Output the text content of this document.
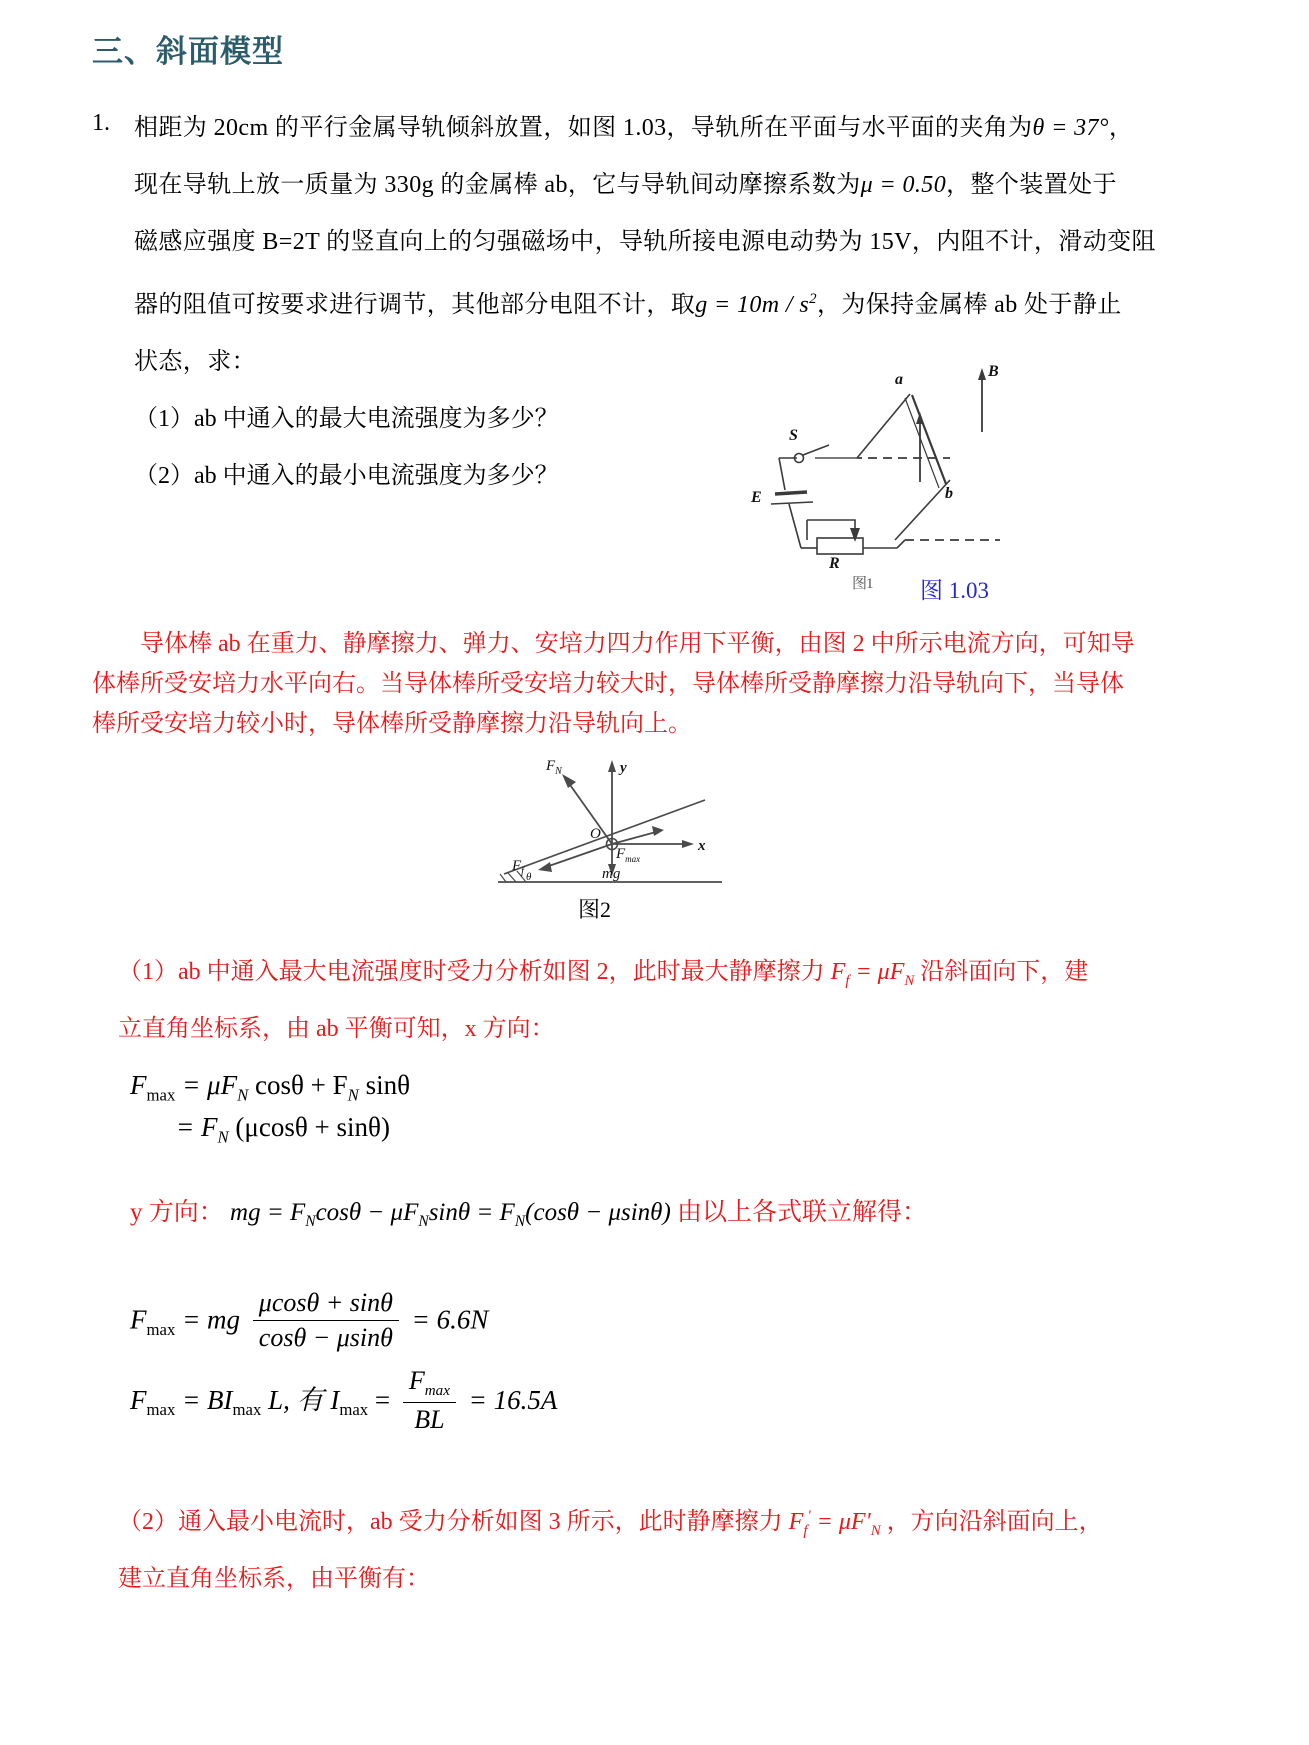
三、斜面模型
1. 相距为 20cm 的平行金属导轨倾斜放置，如图 1.03，导轨所在平面与水平面的夹角为θ = 37°，
现在导轨上放一质量为 330g 的金属棒 ab，它与导轨间动摩擦系数为μ = 0.50，整个装置处于
磁感应强度 B=2T 的竖直向上的匀强磁场中，导轨所接电源电动势为 15V，内阻不计，滑动变阻
器的阻值可按要求进行调节，其他部分电阻不计，取$g = 10m / s^2$，为保持金属棒 ab 处于静止
状态，求：
（1）ab 中通入的最大电流强度为多少？
（2）ab 中通入的最小电流强度为多少？
S
E
R
a
b
B
图1 图 1.03
导体棒 ab 在重力、静摩擦力、弹力、安培力四力作用下平衡，由图 2 中所示电流方向，可知导
体棒所受安培力水平向右。当导体棒所受安培力较大时，导体棒所受静摩擦力沿导轨向下，当导体
棒所受安培力较小时，导体棒所受静摩擦力沿导轨向上。
$F_N$	y
x
O
$F_f$
$F_{max}$
mg
θ
图2
（1）ab 中通入最大电流强度时受力分析如图 2，此时最大静摩擦力 $F_f = \mu F_N$ 沿斜面向下，建
立直角坐标系，由 ab 平衡可知，x 方向：
$F_{max} = \mu F_N$ $\cos\theta + F_N$ sinθ
= $F_N$ (μcosθ + sinθ)
y 方向： mg = $F_N\cos\theta - \mu F_N\sin\theta = F_N(\cos\theta - \mu\sin\theta)$ 由以上各式联立解得：
$F_{max}$ = mg $\frac{\mu\cos\theta + \sin\theta}{\cos\theta - \mu\sin\theta} = 6.6N$
$F_{max} = BI_{max}$ L, 有 $I_{max} = \frac{F_{max}}{BL} = 16.5A$
（2）通入最小电流时，ab 受力分析如图 3 所示，此时静摩擦力 $F_f' = \mu F'_N$ ，方向沿斜面向上，
建立直角坐标系，由平衡有：
